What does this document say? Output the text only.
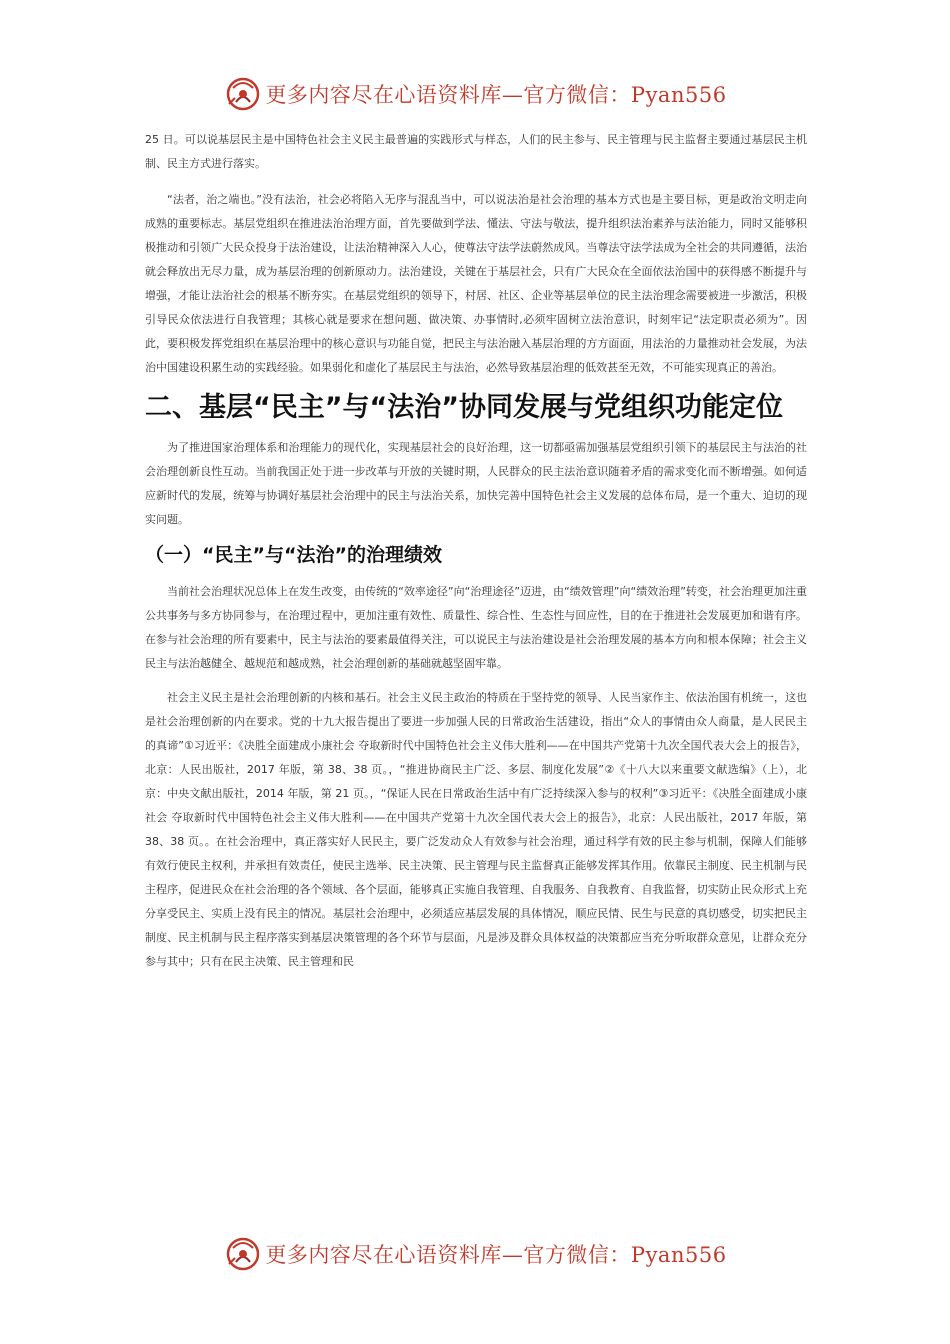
更多内容尽在心语资料库—官方微信：Pyan556

25 日。可以说基层民主是中国特色社会主义民主最普遍的实践形式与样态，人们的民主参与、民主管理与民主监督主要通过基层民主机制、民主方式进行落实。

“法者，治之端也。”没有法治，社会必将陷入无序与混乱当中，可以说法治是社会治理的基本方式也是主要目标，更是政治文明走向成熟的重要标志。基层党组织在推进法治治理方面，首先要做到学法、懂法、守法与敬法，提升组织法治素养与法治能力，同时又能够积极推动和引领广大民众投身于法治建设，让法治精神深入人心，使尊法守法学法蔚然成风。当尊法守法学法成为全社会的共同遵循，法治就会释放出无尽力量，成为基层治理的创新原动力。法治建设，关键在于基层社会，只有广大民众在全面依法治国中的获得感不断提升与增强，才能让法治社会的根基不断夯实。在基层党组织的领导下，村居、社区、企业等基层单位的民主法治理念需要被进一步激活，积极引导民众依法进行自我管理；其核心就是要求在想问题、做决策、办事情时,必须牢固树立法治意识，时刻牢记“法定职责必须为”。因此，要积极发挥党组织在基层治理中的核心意识与功能自觉，把民主与法治融入基层治理的方方面面，用法治的力量推动社会发展，为法治中国建设积累生动的实践经验。如果弱化和虚化了基层民主与法治，必然导致基层治理的低效甚至无效，不可能实现真正的善治。

二、基层“民主”与“法治”协同发展与党组织功能定位

为了推进国家治理体系和治理能力的现代化，实现基层社会的良好治理，这一切都亟需加强基层党组织引领下的基层民主与法治的社会治理创新良性互动。当前我国正处于进一步改革与开放的关键时期，人民群众的民主法治意识随着矛盾的需求变化而不断增强。如何适应新时代的发展，统筹与协调好基层社会治理中的民主与法治关系，加快完善中国特色社会主义发展的总体布局，是一个重大、迫切的现实问题。

（一）“民主”与“法治”的治理绩效

当前社会治理状况总体上在发生改变，由传统的“效率途径”向“治理途径”迈进，由“绩效管理”向“绩效治理”转变，社会治理更加注重公共事务与多方协同参与，在治理过程中，更加注重有效性、质量性、综合性、生态性与回应性，目的在于推进社会发展更加和谐有序。在参与社会治理的所有要素中，民主与法治的要素最值得关注，可以说民主与法治建设是社会治理发展的基本方向和根本保障；社会主义民主与法治越健全、越规范和越成熟，社会治理创新的基础就越坚固牢靠。

社会主义民主是社会治理创新的内核和基石。社会主义民主政治的特质在于坚持党的领导、人民当家作主、依法治国有机统一，这也是社会治理创新的内在要求。党的十九大报告提出了要进一步加强人民的日常政治生活建设，指出“众人的事情由众人商量，是人民民主的真谛”①习近平：《决胜全面建成小康社会 夺取新时代中国特色社会主义伟大胜利——在中国共产党第十九次全国代表大会上的报告》，北京：人民出版社，2017 年版，第 38、38 页。，“推进协商民主广泛、多层、制度化发展”②《十八大以来重要文献选编》（上），北京：中央文献出版社，2014 年版，第 21 页。，“保证人民在日常政治生活中有广泛持续深入参与的权利”③习近平：《决胜全面建成小康社会 夺取新时代中国特色社会主义伟大胜利——在中国共产党第十九次全国代表大会上的报告》，北京：人民出版社，2017 年版，第 38、38 页。。在社会治理中，真正落实好人民民主，要广泛发动众人有效参与社会治理，通过科学有效的民主参与机制，保障人们能够有效行使民主权利，并承担有效责任，使民主选举、民主决策、民主管理与民主监督真正能够发挥其作用。依靠民主制度、民主机制与民主程序，促进民众在社会治理的各个领域、各个层面，能够真正实施自我管理、自我服务、自我教育、自我监督，切实防止民众形式上充分享受民主、实质上没有民主的情况。基层社会治理中，必须适应基层发展的具体情况，顺应民情、民生与民意的真切感受，切实把民主制度、民主机制与民主程序落实到基层决策管理的各个环节与层面，凡是涉及群众具体权益的决策都应当充分听取群众意见，让群众充分参与其中；只有在民主决策、民主管理和民

更多内容尽在心语资料库—官方微信：Pyan556
